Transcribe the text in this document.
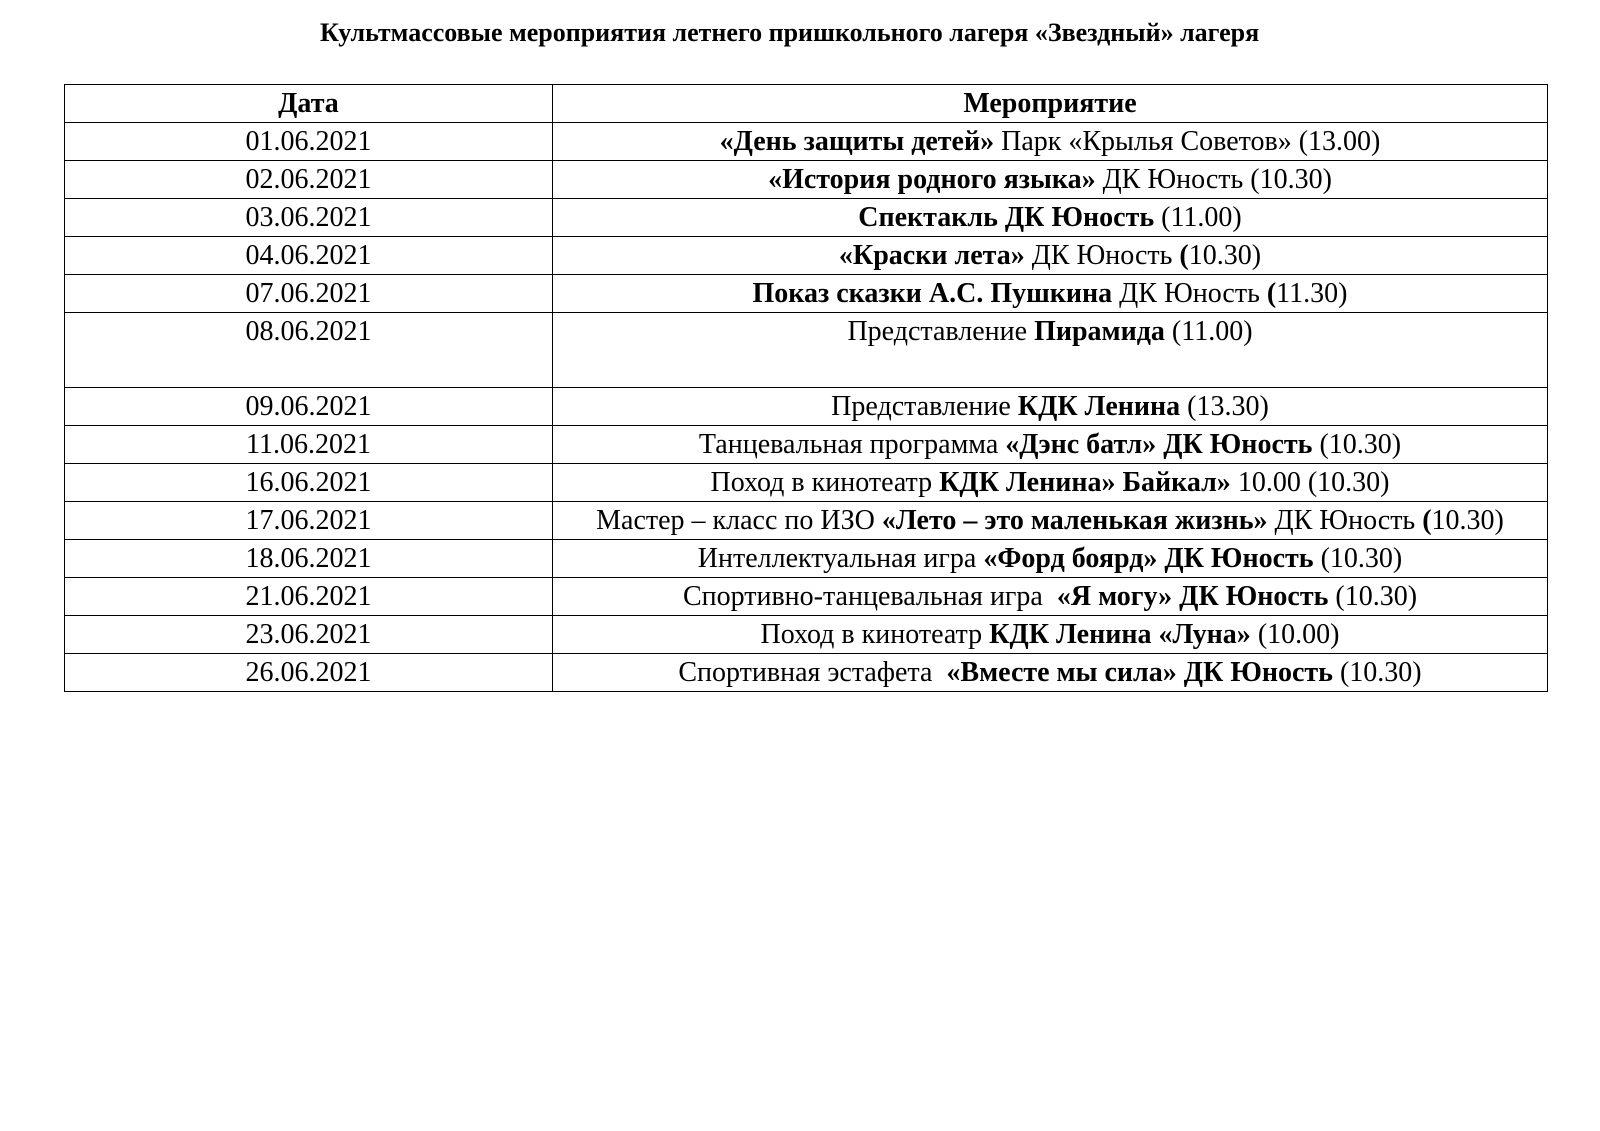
Культмассовые мероприятия летнего пришкольного лагеря «Звездный» лагеря
Дата	Мероприятие
01.06.2021	«День защиты детей» Парк «Крылья Советов» (13.00)
02.06.2021	«История родного языка» ДК Юность (10.30)
03.06.2021	Спектакль ДК Юность (11.00)
04.06.2021	«Краски лета» ДК Юность (10.30)
07.06.2021	Показ сказки А.С. Пушкина ДК Юность (11.30)
08.06.2021	Представление Пирамида (11.00)
09.06.2021	Представление КДК Ленина (13.30)
11.06.2021	Танцевальная программа «Дэнс батл» ДК Юность (10.30)
16.06.2021	Поход в кинотеатр КДК Ленина» Байкал» 10.00 (10.30)
17.06.2021	Мастер – класс по ИЗО «Лето – это маленькая жизнь» ДК Юность (10.30)
18.06.2021	Интеллектуальная игра «Форд боярд» ДК Юность (10.30)
21.06.2021	Спортивно-танцевальная игра  «Я могу» ДК Юность (10.30)
23.06.2021	Поход в кинотеатр КДК Ленина «Луна» (10.00)
26.06.2021	Спортивная эстафета  «Вместе мы сила» ДК Юность (10.30)
